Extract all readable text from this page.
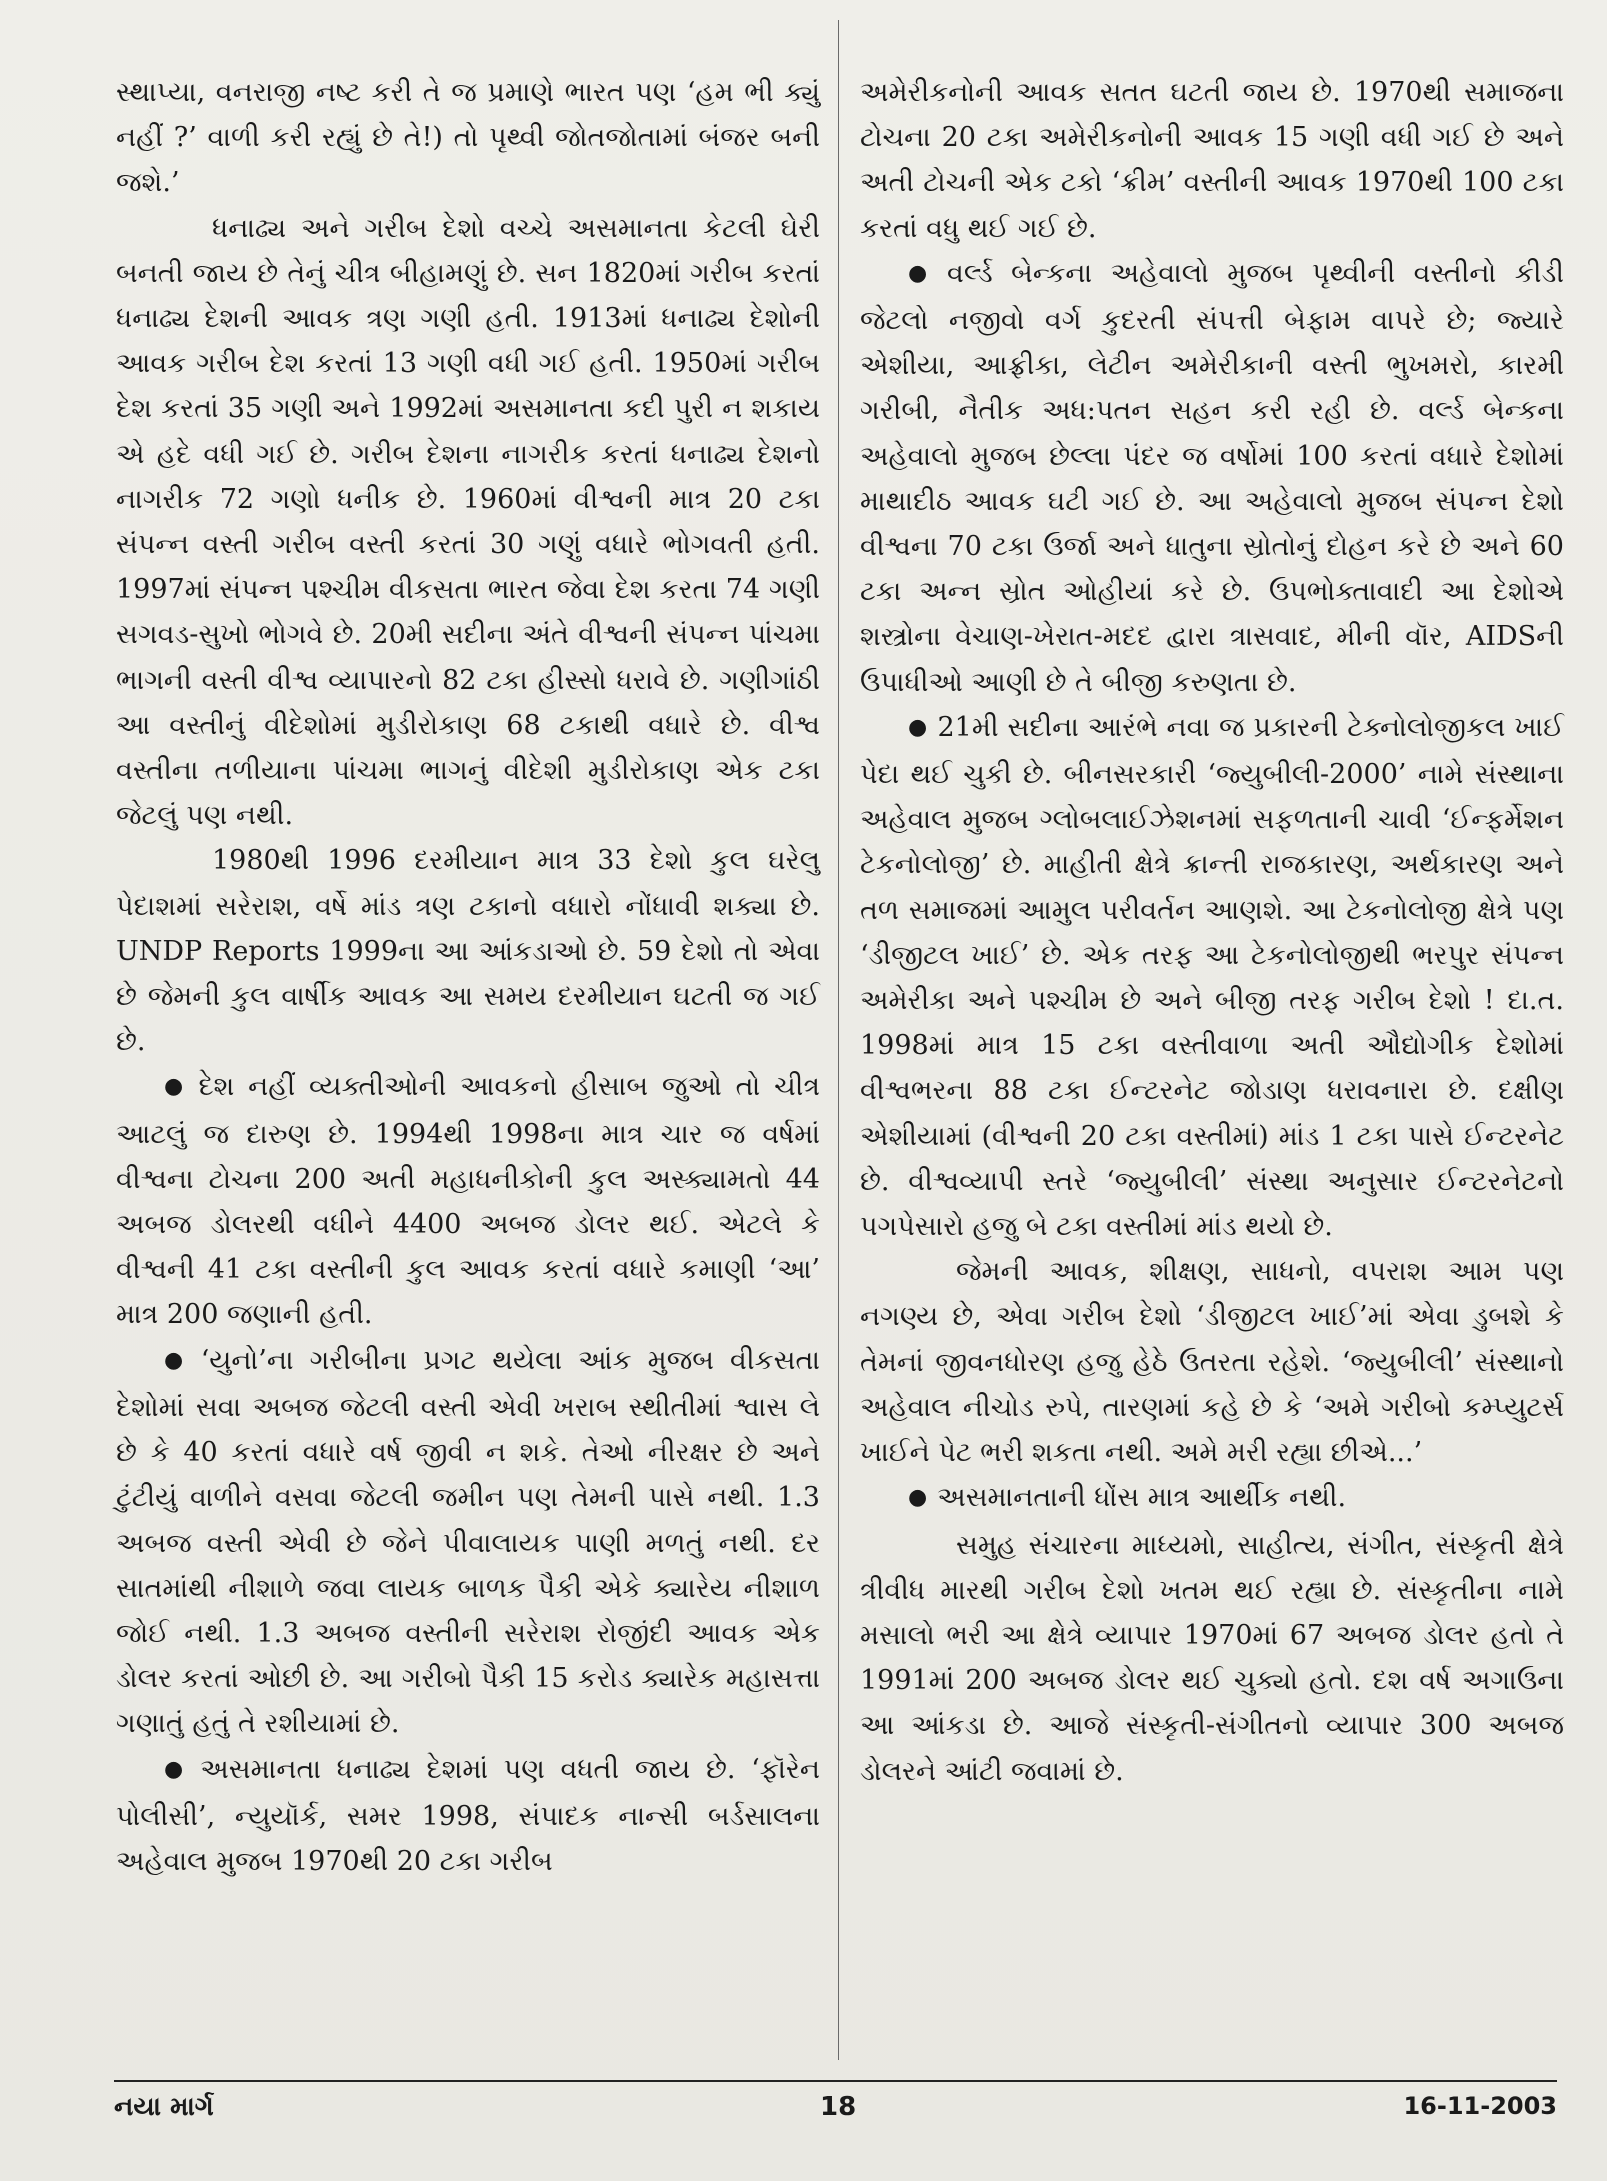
સ્થાપ્યા, વનરાજી નષ્ટ કરી તે જ પ્રમાણે ભારત પણ ‘હમ ભી ક્યું નહીં ?’ વાળી કરી રહ્યું છે તે!) તો પૃથ્વી જોતજોતામાં બંજર બની જશે.’

ધનાઢ્ય અને ગરીબ દેશો વચ્ચે અસમાનતા કેટલી ઘેરી બનતી જાય છે તેનું ચીત્ર બીહામણું છે. સન 1820માં ગરીબ કરતાં ધનાઢ્ય દેશની આવક ત્રણ ગણી હતી. 1913માં ધનાઢ્ય દેશોની આવક ગરીબ દેશ કરતાં 13 ગણી વધી ગઈ હતી. 1950માં ગરીબ દેશ કરતાં 35 ગણી અને 1992માં અસમાનતા કદી પુરી ન શકાય એ હદે વધી ગઈ છે. ગરીબ દેશના નાગરીક કરતાં ધનાઢ્ય દેશનો નાગરીક 72 ગણો ધનીક છે. 1960માં વીશ્વની માત્ર 20 ટકા સંપન્ન વસ્તી ગરીબ વસ્તી કરતાં 30 ગણું વધારે ભોગવતી હતી. 1997માં સંપન્ન પશ્ચીમ વીકસતા ભારત જેવા દેશ કરતા 74 ગણી સગવડ-સુખો ભોગવે છે. 20મી સદીના અંતે વીશ્વની સંપન્ન પાંચમા ભાગની વસ્તી વીશ્વ વ્યાપારનો 82 ટકા હીસ્સો ધરાવે છે. ગણીગાંઠી આ વસ્તીનું વીદેશોમાં મુડીરોકાણ 68 ટકાથી વધારે છે. વીશ્વ વસ્તીના તળીયાના પાંચમા ભાગનું વીદેશી મુડીરોકાણ એક ટકા જેટલું પણ નથી.

1980થી 1996 દરમીયાન માત્ર 33 દેશો કુલ ઘરેલુ પેદાશમાં સરેરાશ, વર્ષે માંડ ત્રણ ટકાનો વધારો નોંધાવી શક્યા છે. UNDP Reports 1999ના આ આંકડાઓ છે. 59 દેશો તો એવા છે જેમની કુલ વાર્ષીક આવક આ સમય દરમીયાન ઘટતી જ ગઈ છે.

● દેશ નહીં વ્યક્તીઓની આવકનો હીસાબ જુઓ તો ચીત્ર આટલું જ દારુણ છે. 1994થી 1998ના માત્ર ચાર જ વર્ષમાં વીશ્વના ટોચના 200 અતી મહાધનીકોની કુલ અસ્ક્યામતો 44 અબજ ડોલરથી વધીને 4400 અબજ ડોલર થઈ. એટલે કે વીશ્વની 41 ટકા વસ્તીની કુલ આવક કરતાં વધારે કમાણી ‘આ’ માત્ર 200 જણાની હતી.

● ‘યુનો’ના ગરીબીના પ્રગટ થયેલા આંક મુજબ વીકસતા દેશોમાં સવા અબજ જેટલી વસ્તી એવી ખરાબ સ્થીતીમાં શ્વાસ લે છે કે 40 કરતાં વધારે વર્ષ જીવી ન શકે. તેઓ નીરક્ષર છે અને ટુંટીયું વાળીને વસવા જેટલી જમીન પણ તેમની પાસે નથી. 1.3 અબજ વસ્તી એવી છે જેને પીવાલાયક પાણી મળતું નથી. દર સાતમાંથી નીશાળે જવા લાયક બાળક પૈકી એકે ક્યારેય નીશાળ જોઈ નથી. 1.3 અબજ વસ્તીની સરેરાશ રોજીંદી આવક એક ડોલર કરતાં ઓછી છે. આ ગરીબો પૈકી 15 કરોડ ક્યારેક મહાસત્તા ગણાતું હતું તે રશીયામાં છે.

● અસમાનતા ધનાઢ્ય દેશમાં પણ વધતી જાય છે. ‘ફૉરેન પોલીસી’, ન્યુયૉર્ક, સમર 1998, સંપાદક નાન્સી બર્ડસાલના અહેવાલ મુજબ 1970થી 20 ટકા ગરીબ

અમેરીકનોની આવક સતત ઘટતી જાય છે. 1970થી સમાજના ટોચના 20 ટકા અમેરીકનોની આવક 15 ગણી વધી ગઈ છે અને અતી ટોચની એક ટકો ‘ક્રીમ’ વસ્તીની આવક 1970થી 100 ટકા કરતાં વધુ થઈ ગઈ છે.

● વર્લ્ડ બેન્કના અહેવાલો મુજબ પૃથ્વીની વસ્તીનો કીડી જેટલો નજીવો વર્ગ કુદરતી સંપત્તી બેફામ વાપરે છે; જ્યારે એશીયા, આફ્રીકા, લેટીન અમેરીકાની વસ્તી ભુખમરો, કારમી ગરીબી, નૈતીક અધ:પતન સહન કરી રહી છે. વર્લ્ડ બેન્કના અહેવાલો મુજબ છેલ્લા પંદર જ વર્ષોમાં 100 કરતાં વધારે દેશોમાં માથાદીઠ આવક ઘટી ગઈ છે. આ અહેવાલો મુજબ સંપન્ન દેશો વીશ્વના 70 ટકા ઉર્જા અને ધાતુના સ્રોતોનું દોહન કરે છે અને 60 ટકા અન્ન સ્રોત ઓહીયાં કરે છે. ઉપભોક્તાવાદી આ દેશોએ શસ્ત્રોના વેચાણ-ખેરાત-મદદ દ્વારા ત્રાસવાદ, મીની વૉર, AIDSની ઉપાધીઓ આણી છે તે બીજી કરુણતા છે.

● 21મી સદીના આરંભે નવા જ પ્રકારની ટેક્નોલોજીકલ ખાઈ પેદા થઈ ચુકી છે. બીનસરકારી ‘જ્યુબીલી-2000’ નામે સંસ્થાના અહેવાલ મુજબ ગ્લોબલાઈઝેશનમાં સફળતાની ચાવી ‘ઈન્ફર્મેશન ટેકનોલોજી’ છે. માહીતી ક્ષેત્રે ક્રાન્તી રાજકારણ, અર્થકારણ અને તળ સમાજમાં આમુલ પરીવર્તન આણશે. આ ટેકનોલોજી ક્ષેત્રે પણ ‘ડીજીટલ ખાઈ’ છે. એક તરફ આ ટેકનોલોજીથી ભરપુર સંપન્ન અમેરીકા અને પશ્ચીમ છે અને બીજી તરફ ગરીબ દેશો ! દા.ત. 1998માં માત્ર 15 ટકા વસ્તીવાળા અતી ઔદ્યોગીક દેશોમાં વીશ્વભરના 88 ટકા ઈન્ટરનેટ જોડાણ ધરાવનારા છે. દક્ષીણ એશીયામાં (વીશ્વની 20 ટકા વસ્તીમાં) માંડ 1 ટકા પાસે ઈન્ટરનેટ છે. વીશ્વવ્યાપી સ્તરે ‘જ્યુબીલી’ સંસ્થા અનુસાર ઈન્ટરનેટનો પગપેસારો હજુ બે ટકા વસ્તીમાં માંડ થયો છે.

જેમની આવક, શીક્ષણ, સાધનો, વપરાશ આમ પણ નગણ્ય છે, એવા ગરીબ દેશો ‘ડીજીટલ ખાઈ’માં એવા ડુબશે કે તેમનાં જીવનધોરણ હજુ હેઠે ઉતરતા રહેશે. ‘જ્યુબીલી’ સંસ્થાનો અહેવાલ નીચોડ રુપે, તારણમાં કહે છે કે ‘અમે ગરીબો કમ્પ્યુટર્સ ખાઈને પેટ ભરી શકતા નથી. અમે મરી રહ્યા છીએ...’

● અસમાનતાની ધોંસ માત્ર આર્થીક નથી.

સમુહ સંચારના માધ્યમો, સાહીત્ય, સંગીત, સંસ્કૃતી ક્ષેત્રે ત્રીવીધ મારથી ગરીબ દેશો ખતમ થઈ રહ્યા છે. સંસ્કૃતીના નામે મસાલો ભરી આ ક્ષેત્રે વ્યાપાર 1970માં 67 અબજ ડોલર હતો તે 1991માં 200 અબજ ડોલર થઈ ચુક્યો હતો. દશ વર્ષ અગાઉના આ આંકડા છે. આજે સંસ્કૃતી-સંગીતનો વ્યાપાર 300 અબજ ડોલરને આંટી જવામાં છે.

નયા માર્ગ	18	16-11-2003
